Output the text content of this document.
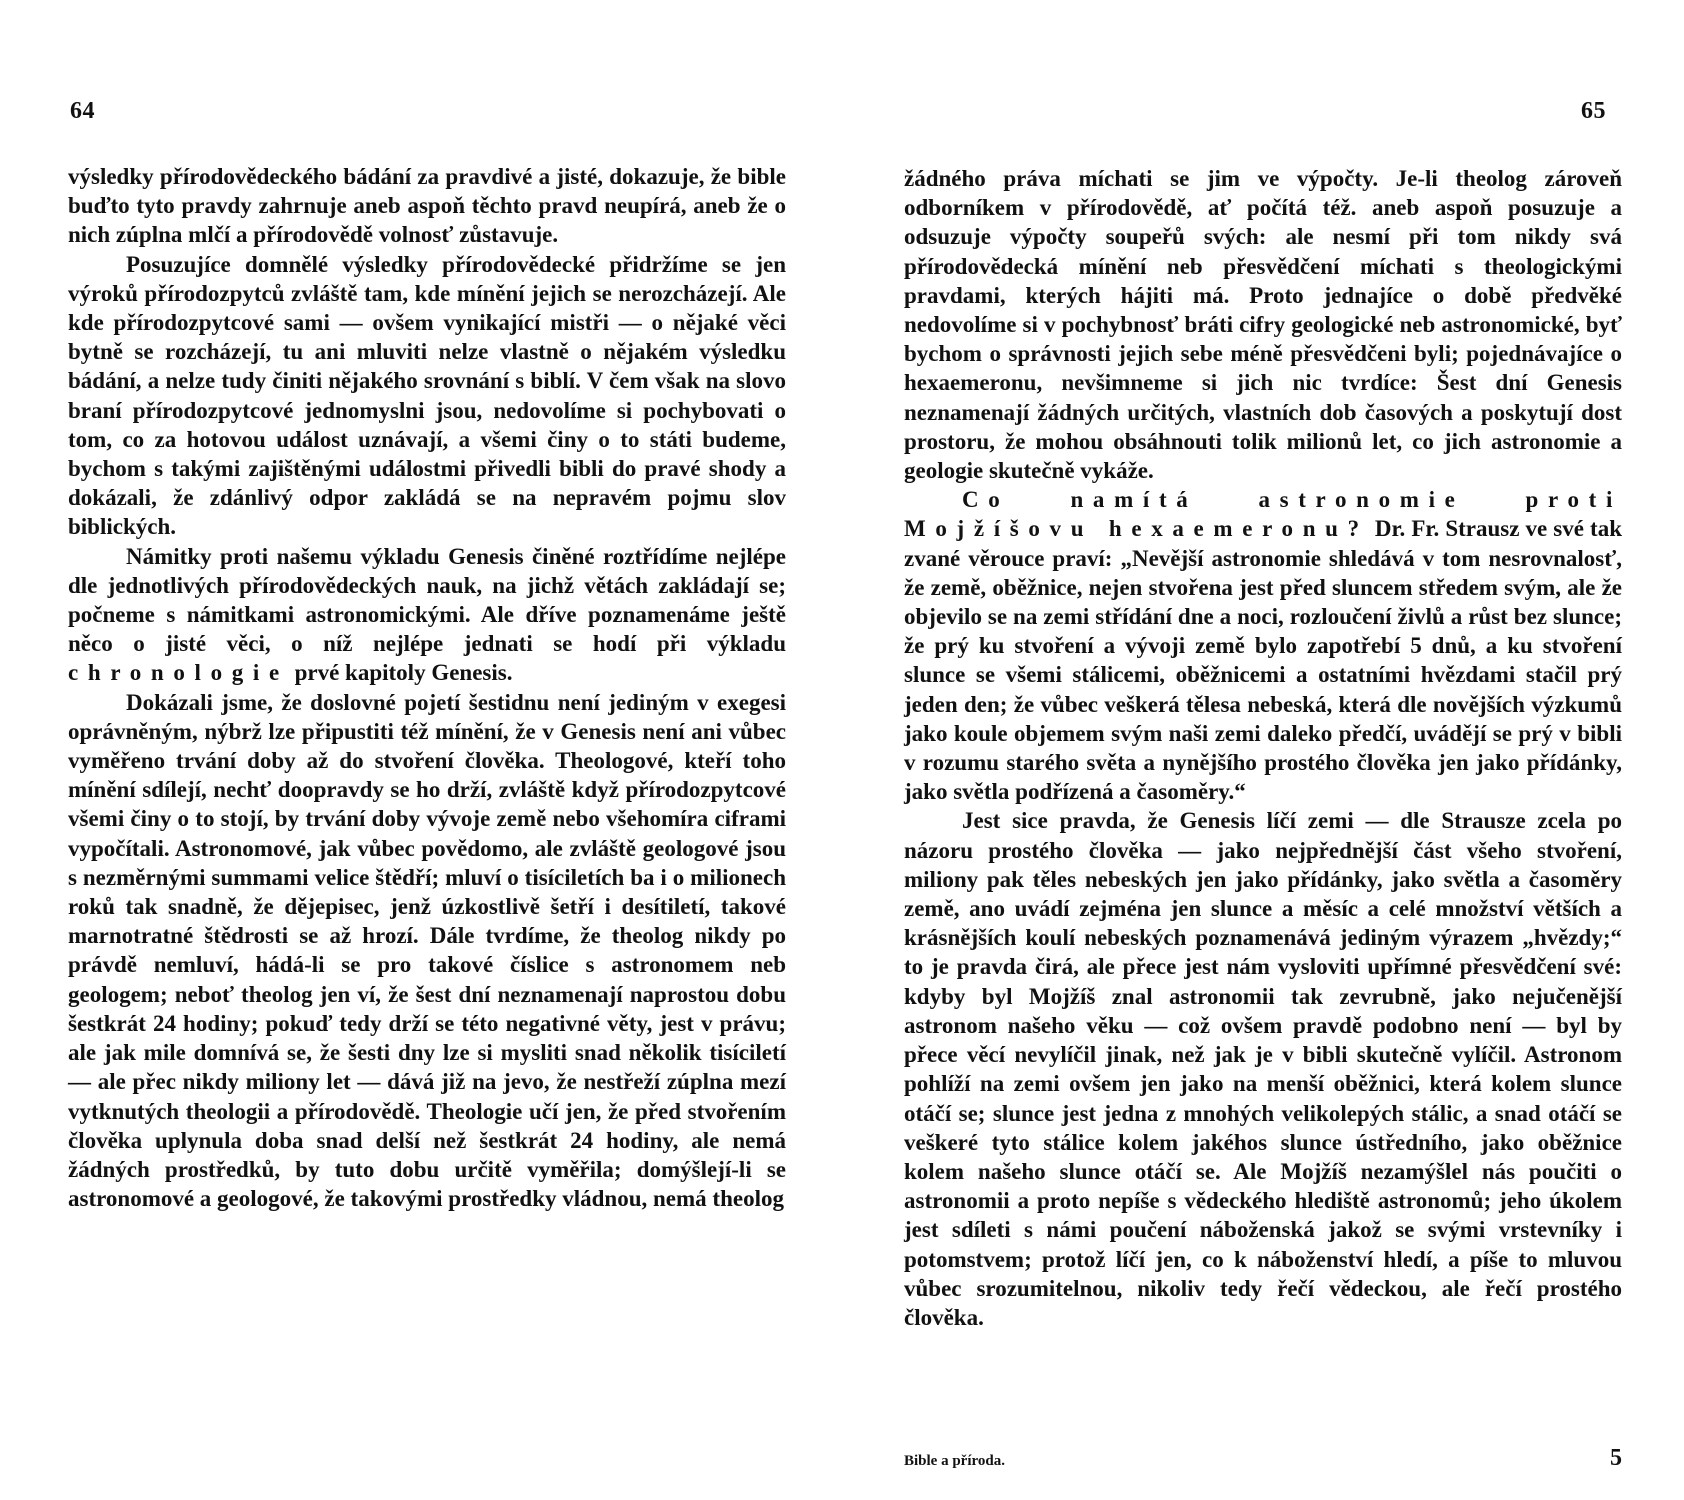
64

výsledky přírodovědeckého bádání za pravdivé a jisté, dokazuje, že bible buďto tyto pravdy zahrnuje aneb aspoň těchto pravd neupírá, aneb že o nich zúplna mlčí a přírodovědě volnosť zůstavuje.

Posuzujíce domnělé výsledky přírodovědecké přidržíme se jen výroků přírodozpytců zvláště tam, kde mínění jejich se nerozcházejí. Ale kde přírodozpytcové sami — ovšem vynikající mistři — o nějaké věci bytně se rozcházejí, tu ani mluviti nelze vlastně o nějakém výsledku bádání, a nelze tudy činiti nějakého srovnání s biblí. V čem však na slovo braní přírodozpytcové jednomyslni jsou, nedovolíme si pochybovati o tom, co za hotovou událost uznávají, a všemi činy o to státi budeme, bychom s takými zajištěnými událostmi přivedli bibli do pravé shody a dokázali, že zdánlivý odpor zakládá se na nepravém pojmu slov biblických.

Námitky proti našemu výkladu Genesis činěné roztřídíme nejlépe dle jednotlivých přírodovědeckých nauk, na jichž větách zakládají se; počneme s námitkami astronomickými. Ale dříve poznamenáme ještě něco o jisté věci, o níž nejlépe jednati se hodí při výkladu chronologie prvé kapitoly Genesis.

Dokázali jsme, že doslovné pojetí šestidnu není jediným v exegesi oprávněným, nýbrž lze připustiti též mínění, že v Genesis není ani vůbec vyměřeno trvání doby až do stvoření člověka. Theologové, kteří toho mínění sdílejí, nechť doopravdy se ho drží, zvláště když přírodozpytcové všemi činy o to stojí, by trvání doby vývoje země nebo všehomíra ciframi vypočítali. Astronomové, jak vůbec povědomo, ale zvláště geologové jsou s nezměrnými summami velice štědří; mluví o tisíciletích ba i o milionech roků tak snadně, že dějepisec, jenž úzkostlivě šetří i desítiletí, takové marnotratné štědrosti se až hrozí. Dále tvrdíme, že theolog nikdy po právdě nemluví, hádá-li se pro takové číslice s astronomem neb geologem; neboť theolog jen ví, že šest dní neznamenají naprostou dobu šestkrát 24 hodiny; pokuď tedy drží se této negativné věty, jest v právu; ale jak mile domnívá se, že šesti dny lze si mysliti snad několik tisíciletí — ale přec nikdy miliony let — dává již na jevo, že nestřeží zúplna mezí vytknutých theologii a přírodovědě. Theologie učí jen, že před stvořením člověka uplynula doba snad delší než šestkrát 24 hodiny, ale nemá žádných prostředků, by tuto dobu určitě vyměřila; domýšlejí-li se astronomové a geologové, že takovými prostředky vládnou, nemá theolog

65

žádného práva míchati se jim ve výpočty. Je-li theolog zároveň odborníkem v přírodovědě, ať počítá též. aneb aspoň posuzuje a odsuzuje výpočty soupeřů svých: ale nesmí při tom nikdy svá přírodovědecká mínění neb přesvědčení míchati s theologickými pravdami, kterých hájiti má. Proto jednajíce o době předvěké nedovolíme si v pochybnosť bráti cifry geologické neb astronomické, byť bychom o správnosti jejich sebe méně přesvědčeni byli; pojednávajíce o hexaemeronu, nevšimneme si jich nic tvrdíce: Šest dní Genesis neznamenají žádných určitých, vlastních dob časových a poskytují dost prostoru, že mohou obsáhnouti tolik milionů let, co jich astronomie a geologie skutečně vykáže.

Co namítá astronomie proti Mojžíšovu hexaemeronu? Dr. Fr. Strausz ve své tak zvané věrouce praví: „Nevější astronomie shledává v tom nesrovnalosť, že země, oběžnice, nejen stvořena jest před sluncem středem svým, ale že objevilo se na zemi střídání dne a noci, rozloučení živlů a růst bez slunce; že prý ku stvoření a vývoji země bylo zapotřebí 5 dnů, a ku stvoření slunce se všemi stálicemi, oběžnicemi a ostatními hvězdami stačil prý jeden den; že vůbec veškerá tělesa nebeská, která dle novějších výzkumů jako koule objemem svým naši zemi daleko předčí, uvádějí se prý v bibli v rozumu starého světa a nynějšího prostého člověka jen jako přídánky, jako světla podřízená a časoměry.“

Jest sice pravda, že Genesis líčí zemi — dle Strausze zcela po názoru prostého člověka — jako nejpřednější část všeho stvoření, miliony pak těles nebeských jen jako přídánky, jako světla a časoměry země, ano uvádí zejména jen slunce a měsíc a celé množství větších a krásnějších koulí nebeských poznamenává jediným výrazem „hvězdy;“ to je pravda čirá, ale přece jest nám vysloviti upřímné přesvědčení své: kdyby byl Mojžíš znal astronomii tak zevrubně, jako nejučenější astronom našeho věku — což ovšem pravdě podobno není — byl by přece věcí nevylíčil jinak, než jak je v bibli skutečně vylíčil. Astronom pohlíží na zemi ovšem jen jako na menší oběžnici, která kolem slunce otáčí se; slunce jest jedna z mnohých velikolepých stálic, a snad otáčí se veškeré tyto stálice kolem jakéhos slunce ústředního, jako oběžnice kolem našeho slunce otáčí se. Ale Mojžíš nezamýšlel nás poučiti o astronomii a proto nepíše s vědeckého hlediště astronomů; jeho úkolem jest sdíleti s námi poučení náboženská jakož se svými vrstevníky i potomstvem; protož líčí jen, co k náboženství hledí, a píše to mluvou vůbec srozumitelnou, nikoliv tedy řečí vědeckou, ale řečí prostého člověka.

Bible a příroda.	5
